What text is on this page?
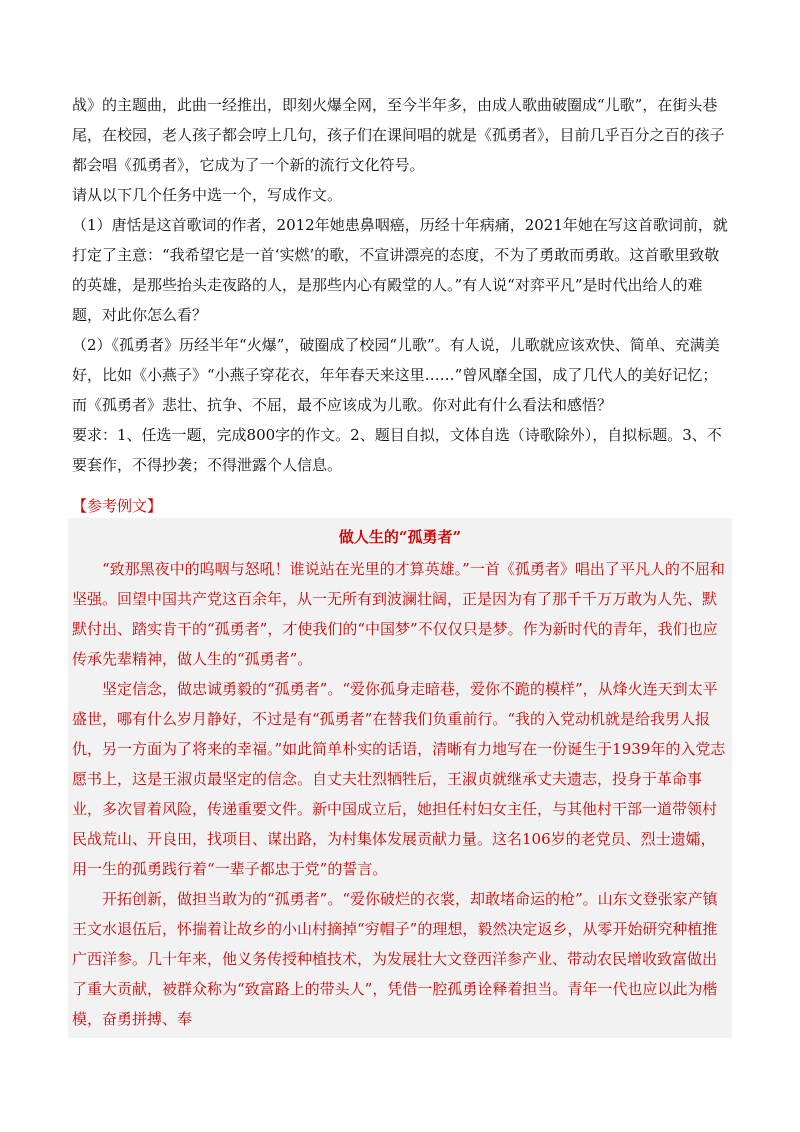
战》的主题曲，此曲一经推出，即刻火爆全网，至今半年多，由成人歌曲破圈成“儿歌”，在街头巷尾，在校园，老人孩子都会哼上几句，孩子们在课间唱的就是《孤勇者》，目前几乎百分之百的孩子都会唱《孤勇者》，它成为了一个新的流行文化符号。

请从以下几个任务中选一个，写成作文。

（1）唐恬是这首歌词的作者，2012年她患鼻咽癌，历经十年病痛，2021年她在写这首歌词前，就打定了主意：“我希望它是一首‘实燃’的歌，不宣讲漂亮的态度，不为了勇敢而勇敢。这首歌里致敬的英雄，是那些抬头走夜路的人，是那些内心有殿堂的人。”有人说“对弈平凡”是时代出给人的难题，对此你怎么看？

（2）《孤勇者》历经半年“火爆”，破圈成了校园“儿歌”。有人说，儿歌就应该欢快、简单、充满美好，比如《小燕子》“小燕子穿花衣，年年春天来这里……”曾风靡全国，成了几代人的美好记忆；而《孤勇者》悲壮、抗争、不屈，最不应该成为儿歌。你对此有什么看法和感悟？

要求：1、任选一题，完成800字的作文。2、题目自拟，文体自选（诗歌除外），自拟标题。3、不要套作，不得抄袭；不得泄露个人信息。

【参考例文】
做人生的“孤勇者”

“致那黑夜中的呜咽与怒吼！谁说站在光里的才算英雄。”一首《孤勇者》唱出了平凡人的不屈和坚强。回望中国共产党这百余年，从一无所有到波澜壮阔，正是因为有了那千千万万敢为人先、默默付出、踏实肯干的“孤勇者”，才使我们的“中国梦”不仅仅只是梦。作为新时代的青年，我们也应传承先辈精神，做人生的“孤勇者”。

坚定信念，做忠诚勇毅的“孤勇者”。“爱你孤身走暗巷，爱你不跪的模样”，从烽火连天到太平盛世，哪有什么岁月静好，不过是有“孤勇者”在替我们负重前行。“我的入党动机就是给我男人报仇，另一方面为了将来的幸福。”如此简单朴实的话语，清晰有力地写在一份诞生于1939年的入党志愿书上，这是王淑贞最坚定的信念。自丈夫壮烈牺牲后，王淑贞就继承丈夫遗志，投身于革命事业，多次冒着风险，传递重要文件。新中国成立后，她担任村妇女主任，与其他村干部一道带领村民战荒山、开良田，找项目、谋出路，为村集体发展贡献力量。这名106岁的老党员、烈士遗孀，用一生的孤勇践行着“一辈子都忠于党”的誓言。

开拓创新，做担当敢为的“孤勇者”。“爱你破烂的衣裳，却敢堵命运的枪”。山东文登张家产镇王文水退伍后，怀揣着让故乡的小山村摘掉“穷帽子”的理想，毅然决定返乡，从零开始研究种植推广西洋参。几十年来，他义务传授种植技术，为发展壮大文登西洋参产业、带动农民增收致富做出了重大贡献，被群众称为“致富路上的带头人”，凭借一腔孤勇诠释着担当。青年一代也应以此为楷模，奋勇拼搏、奉
